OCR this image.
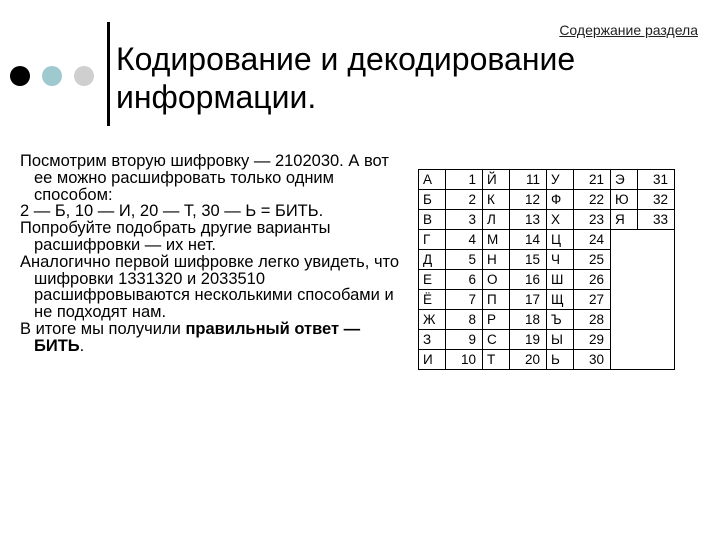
Содержание раздела
Кодирование и декодирование информации.

Посмотрим вторую шифровку — 2102030. А вот ее можно расшифровать только одним способом:

2 — Б, 10 — И, 20 — Т, 30 — Ь = БИТЬ.

Попробуйте подобрать другие варианты расшифровки — их нет.

Аналогично первой шифровке легко увидеть, что шифровки 1331320 и 2033510 расшифровываются несколькими способами и не подходят нам.

В итоге мы получили правильный ответ — БИТЬ.

А	1	Й	11	У	21	Э	31
Б	2	К	12	Ф	22	Ю	32
В	3	Л	13	Х	23	Я	33
Г	4	М	14	Ц	24		
Д	5	Н	15	Ч	25		
Е	6	О	16	Ш	26		
Ё	7	П	17	Щ	27		
Ж	8	Р	18	Ъ	28		
З	9	С	19	Ы	29		
И	10	Т	20	Ь	30		
